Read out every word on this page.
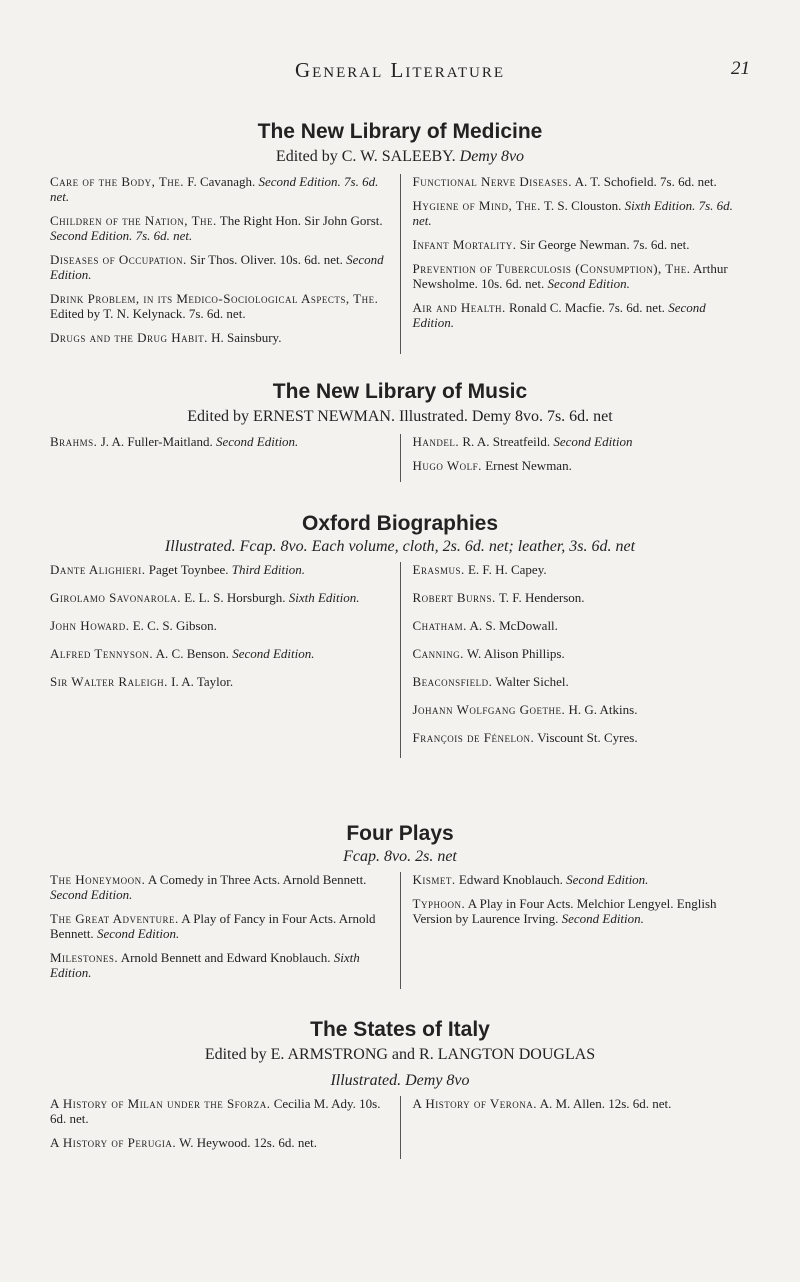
General Literature	21
The New Library of Medicine
Edited by C. W. SALEEBY. Demy 8vo
Care of the Body, The. F. Cavanagh. Second Edition. 7s. 6d. net.
Children of the Nation, The. The Right Hon. Sir John Gorst. Second Edition. 7s. 6d. net.
Diseases of Occupation. Sir Thos. Oliver. 10s. 6d. net. Second Edition.
Drink Problem, in its Medico-Sociological Aspects, The. Edited by T. N. Kelynack. 7s. 6d. net.
Drugs and the Drug Habit. H. Sainsbury.
Functional Nerve Diseases. A. T. Schofield. 7s. 6d. net.
Hygiene of Mind, The. T. S. Clouston. Sixth Edition. 7s. 6d. net.
Infant Mortality. Sir George Newman. 7s. 6d. net.
Prevention of Tuberculosis (Consumption), The. Arthur Newsholme. 10s. 6d. net. Second Edition.
Air and Health. Ronald C. Macfie. 7s. 6d. net. Second Edition.
The New Library of Music
Edited by ERNEST NEWMAN. Illustrated. Demy 8vo. 7s. 6d. net
Brahms. J. A. Fuller-Maitland. Second Edition.	Handel. R. A. Streatfeild. Second Edition
Hugo Wolf. Ernest Newman.
Oxford Biographies
Illustrated. Fcap. 8vo. Each volume, cloth, 2s. 6d. net; leather, 3s. 6d. net
Dante Alighieri. Paget Toynbee. Third Edition.
Girolamo Savonarola. E. L. S. Horsburgh. Sixth Edition.
John Howard. E. C. S. Gibson.
Alfred Tennyson. A. C. Benson. Second Edition.
Sir Walter Raleigh. I. A. Taylor.
Erasmus. E. F. H. Capey.
Robert Burns. T. F. Henderson.
Chatham. A. S. McDowall.
Canning. W. Alison Phillips.
Beaconsfield. Walter Sichel.
Johann Wolfgang Goethe. H. G. Atkins.
François de Fénelon. Viscount St. Cyres.
Four Plays
Fcap. 8vo. 2s. net
The Honeymoon. A Comedy in Three Acts. Arnold Bennett. Second Edition.
The Great Adventure. A Play of Fancy in Four Acts. Arnold Bennett. Second Edition.
Milestones. Arnold Bennett and Edward Knoblauch. Sixth Edition.
Kismet. Edward Knoblauch. Second Edition.
Typhoon. A Play in Four Acts. Melchior Lengyel. English Version by Laurence Irving. Second Edition.
The States of Italy
Edited by E. ARMSTRONG and R. LANGTON DOUGLAS
Illustrated. Demy 8vo
A History of Milan under the Sforza. Cecilia M. Ady. 10s. 6d. net.
A History of Perugia. W. Heywood. 12s. 6d. net.
A History of Verona. A. M. Allen. 12s. 6d. net.
